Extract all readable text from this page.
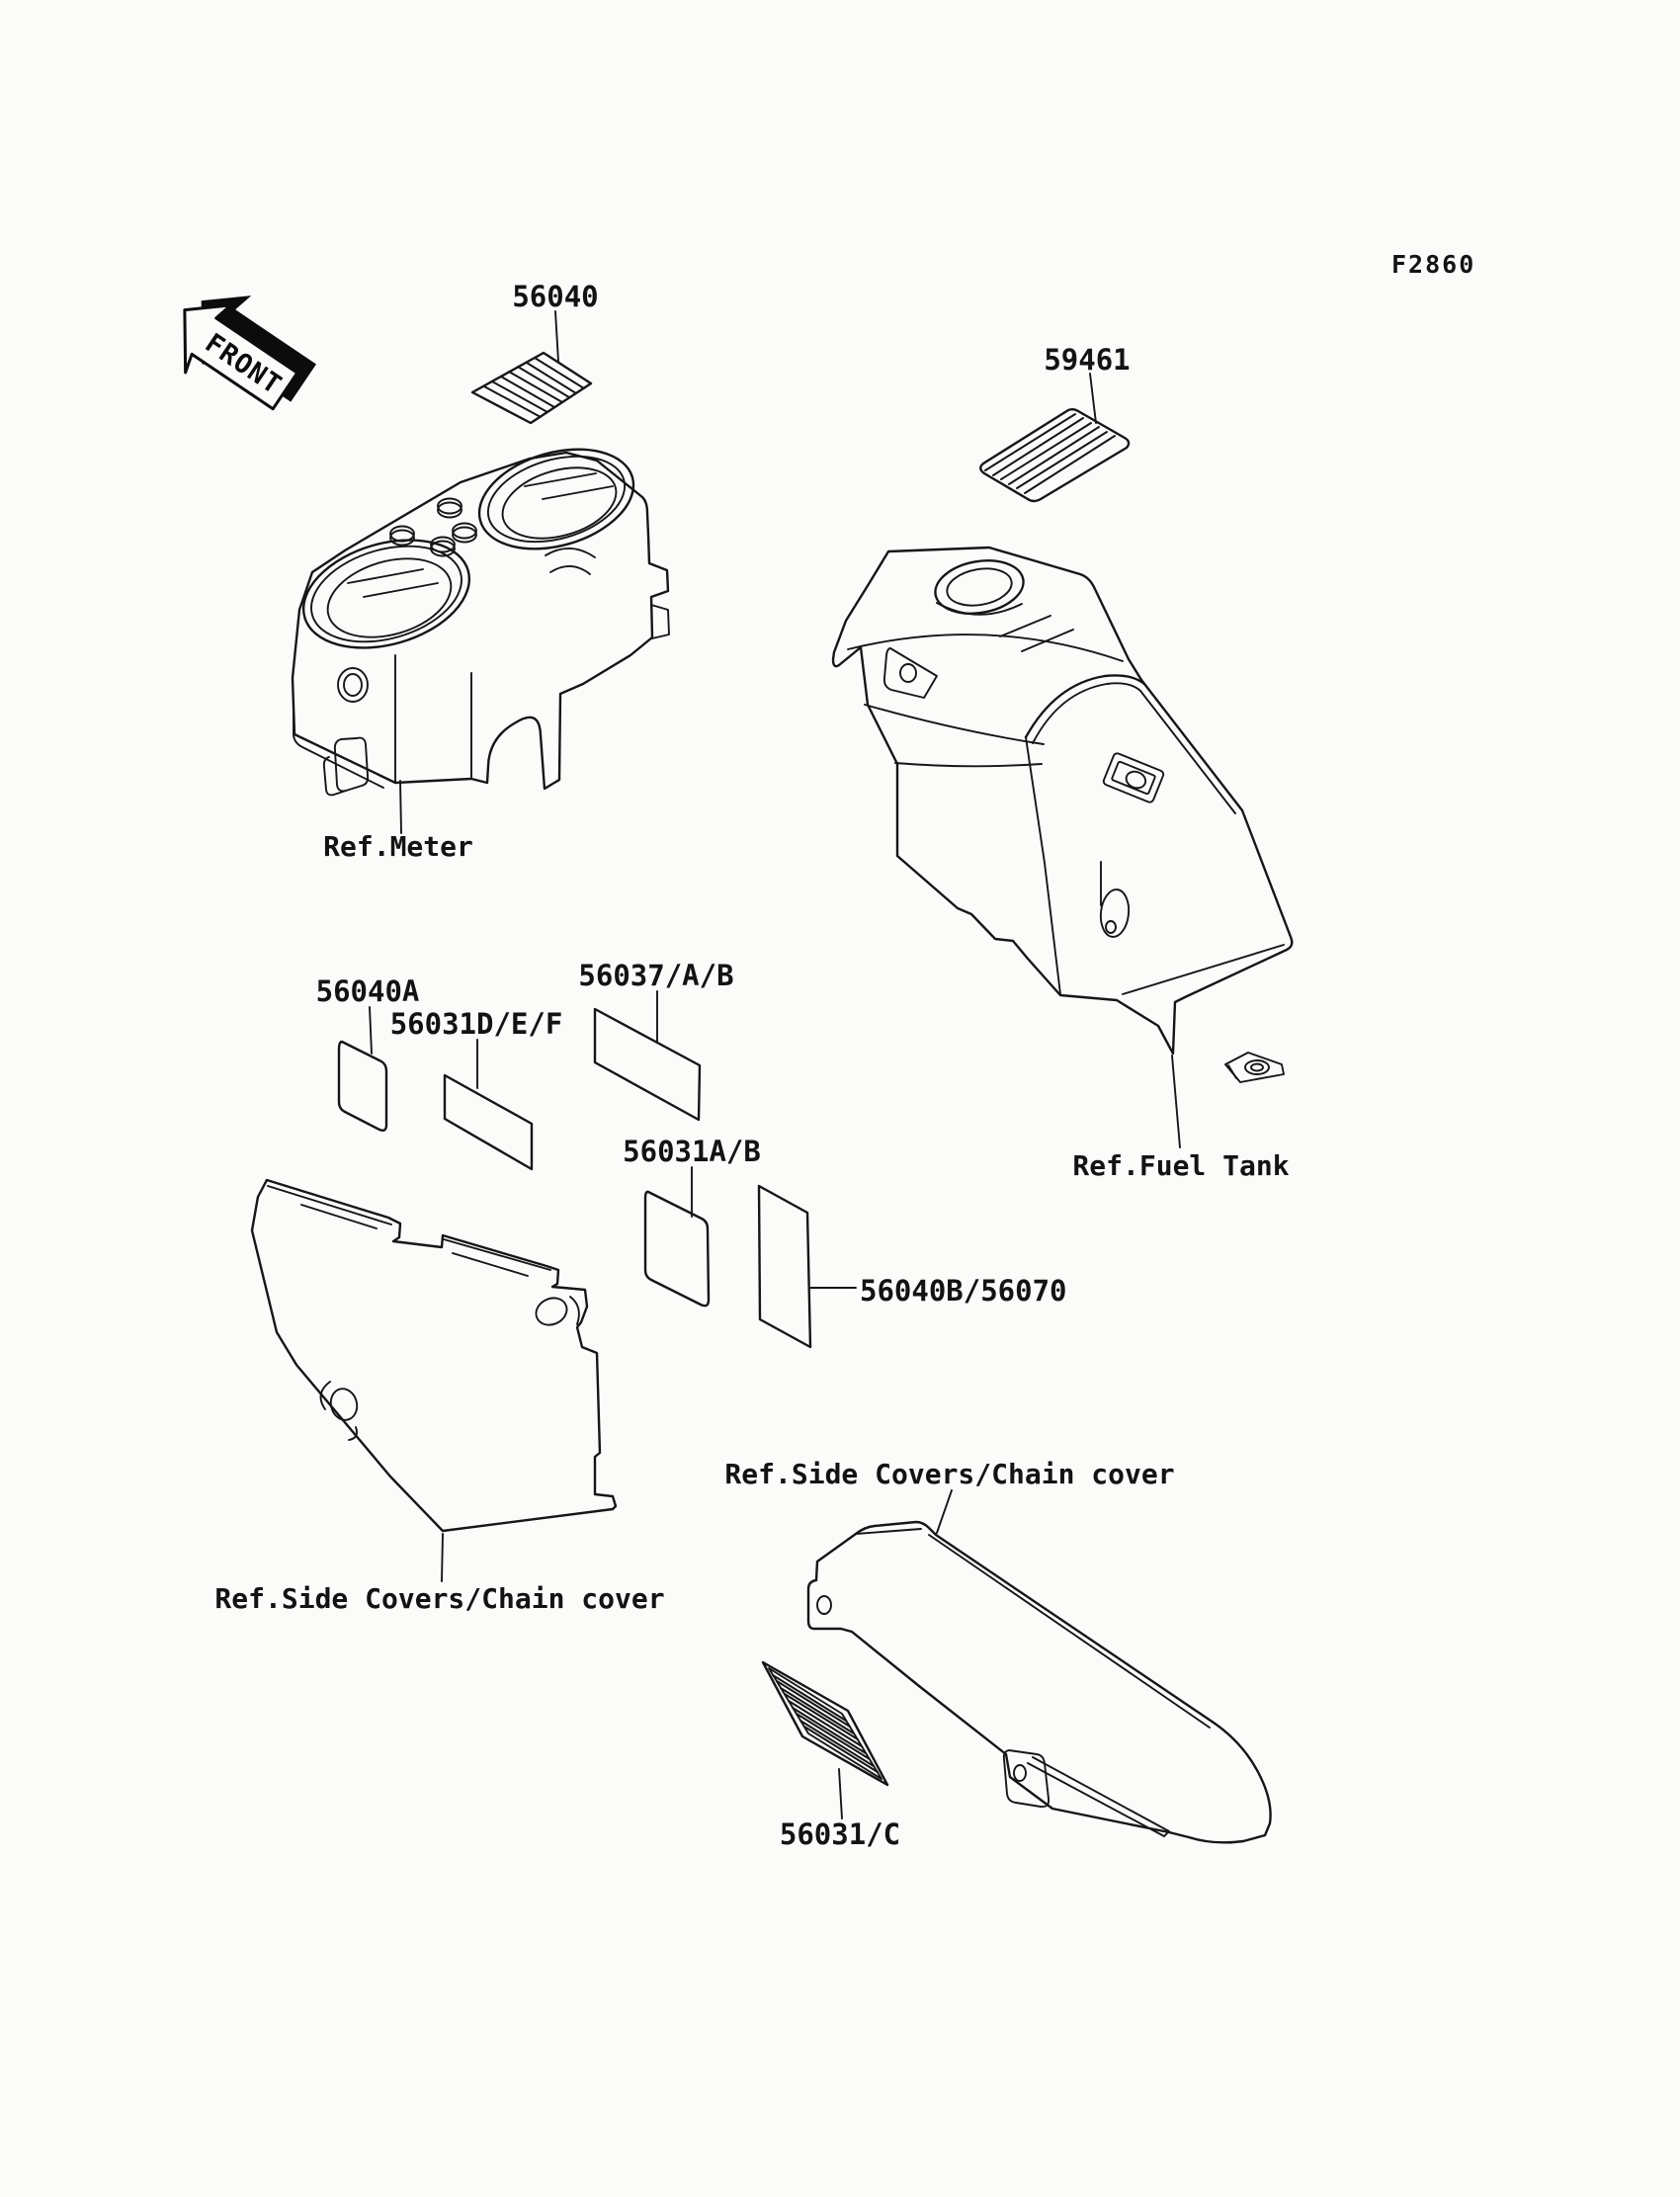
F2860
FRONT
56040
59461
Ref.Meter
Ref.Fuel Tank
56040A
56031D/E/F
56037/A/B
56031A/B
56040B/56070
Ref.Side Covers/Chain cover
Ref.Side Covers/Chain cover
56031/C
